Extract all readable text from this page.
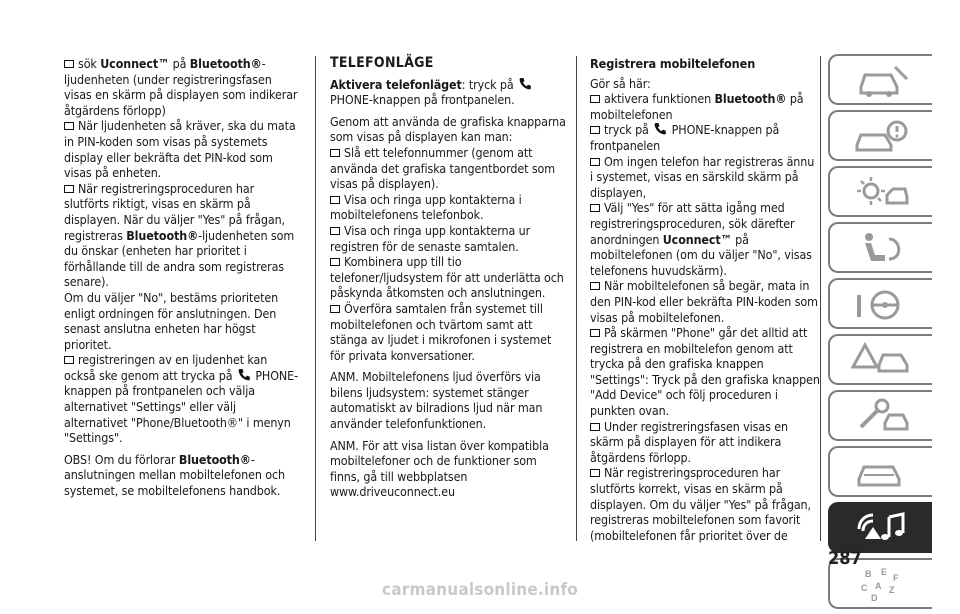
sök Uconnect™ på Bluetooth®-ljudenheten (under registreringsfasen visas en skärm på displayen som indikerar åtgärdens förlopp)

När ljudenheten så kräver, ska du mata in PIN-koden som visas på systemets display eller bekräfta det PIN-kod som visas på enheten.

När registreringsproceduren har slutförts riktigt, visas en skärm på displayen. När du väljer "Yes" på frågan, registreras Bluetooth®-ljudenheten som du önskar (enheten har prioritet i förhållande till de andra som registreras senare).

Om du väljer "No", bestäms prioriteten enligt ordningen för anslutningen. Den senast anslutna enheten har högst prioritet.

registreringen av en ljudenhet kan också ske genom att trycka på  PHONE-knappen på frontpanelen och välja alternativet "Settings" eller välj alternativet "Phone/Bluetooth®" i menyn "Settings".

OBS! Om du förlorar Bluetooth®-anslutningen mellan mobiltelefonen och systemet, se mobiltelefonens handbok.

TELEFONLÄGE

Aktivera telefonläget: tryck på  PHONE-knappen på frontpanelen.

Genom att använda de grafiska knapparna som visas på displayen kan man:

Slå ett telefonnummer (genom att använda det grafiska tangentbordet som visas på displayen).

Visa och ringa upp kontakterna i mobiltelefonens telefonbok.

Visa och ringa upp kontakterna ur registren för de senaste samtalen.

Kombinera upp till tio telefoner/ljudsystem för att underlätta och påskynda åtkomsten och anslutningen.

Överföra samtalen från systemet till mobiltelefonen och tvärtom samt att stänga av ljudet i mikrofonen i systemet för privata konversationer.

ANM. Mobiltelefonens ljud överförs via bilens ljudsystem: systemet stänger automatiskt av bilradions ljud när man använder telefonfunktionen.

ANM. För att visa listan över kompatibla mobiltelefoner och de funktioner som finns, gå till webbplatsen www.driveuconnect.eu

Registrera mobiltelefonen

Gör så här:

aktivera funktionen Bluetooth® på mobiltelefonen

tryck på  PHONE-knappen på frontpanelen

Om ingen telefon har registreras ännu i systemet, visas en särskild skärm på displayen,

Välj "Yes" för att sätta igång med registreringsproceduren, sök därefter anordningen Uconnect™ på mobiltelefonen (om du väljer "No", visas telefonens huvudskärm).

När mobiltelefonen så begär, mata in den PIN-kod eller bekräfta PIN-koden som visas på mobiltelefonen.

På skärmen "Phone" går det alltid att registrera en mobiltelefon genom att trycka på den grafiska knappen "Settings": Tryck på den grafiska knappen "Add Device" och följ proceduren i punkten ovan.

Under registreringsfasen visas en skärm på displayen för att indikera åtgärdens förlopp.

När registreringsproceduren har slutförts korrekt, visas en skärm på displayen. Om du väljer "Yes" på frågan, registreras mobiltelefonen som favorit (mobiltelefonen får prioritet över de

B E
C A Z
D
F
287
carmanualsonline.info
